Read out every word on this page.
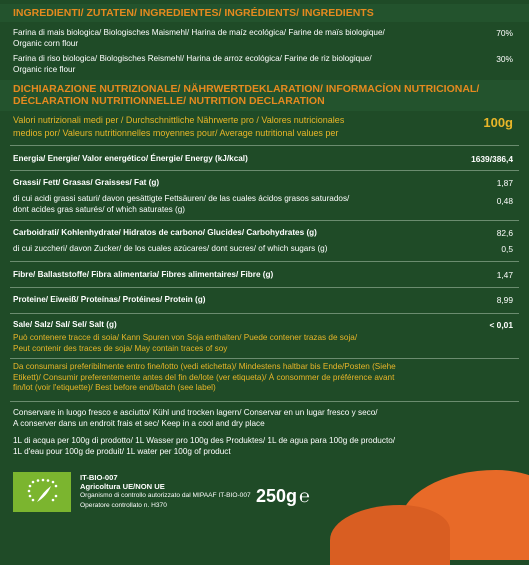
INGREDIENTI/ ZUTATEN/ INGREDIENTES/ INGRÉDIENTS/ INGREDIENTS
Farina di mais biologica/ Biologisches Maismehl/ Harina de maíz ecológica/ Farine de maïs biologique/
Organic corn flour
70%
Farina di riso biologica/ Biologisches Reismehl/ Harina de arroz ecológica/ Farine de riz biologique/
Organic rice flour
30%
DICHIARAZIONE NUTRIZIONALE/ NÄHRWERTDEKLARATION/ INFORMACÍON NUTRICIONAL/
DÉCLARATION NUTRITIONNELLE/ NUTRITION DECLARATION
Valori nutrizionali medi per / Durchschnittliche Nährwerte pro / Valores nutricionales
medios por/ Valeurs nutritionnelles moyennes pour/ Average nutritional values per
100g
Energia/ Energie/ Valor energético/ Énergie/ Energy (kJ/kcal)	1639/386,4
Grassi/ Fett/ Grasas/ Graisses/ Fat (g)	1,87
di cui acidi grassi saturi/ davon gesättigte Fettsäuren/ de las cuales ácidos grasos saturados/
dont acides gras saturés/ of which saturates (g)
0,48
Carboidrati/ Kohlenhydrate/ Hidratos de carbono/ Glucides/ Carbohydrates (g)	82,6
di cui zuccheri/ davon Zucker/ de los cuales azúcares/ dont sucres/ of which sugars (g)	0,5
Fibre/ Ballaststoffe/ Fibra alimentaria/ Fibres alimentaires/ Fibre (g)	1,47
Proteine/ Eiweiß/ Proteínas/ Protéines/ Protein (g)	8,99
Sale/ Salz/ Sal/ Sel/ Salt (g)	< 0,01
Può contenere tracce di soia/ Kann Spuren von Soja enthalten/ Puede contener trazas de soja/
Peut contenir des traces de soja/ May contain traces of soy
Da consumarsi preferibilmente entro fine/lotto (vedi etichetta)/ Mindestens haltbar bis Ende/Posten (Siehe
Etikett)/ Consumir preferentemente antes del fin de/lote (ver etiqueta)/ À consommer de préférence avant
fin/lot (voir l'etiquette)/ Best before end/batch (see label)
Conservare in luogo fresco e asciutto/ Kühl und trocken lagern/ Conservar en un lugar fresco y seco/
A conserver dans un endroit frais et sec/ Keep in a cool and dry place
1L di acqua per 100g di prodotto/ 1L Wasser pro 100g des Produktes/ 1L de agua para 100g de producto/
1L d'eau pour 100g de produit/ 1L water per 100g of product
IT-BIO-007
Agricoltura UE/NON UE
Organismo di controllo autorizzato dal MIPAAF IT-BIO-007
Operatore controllato n. H370	250g ℮
